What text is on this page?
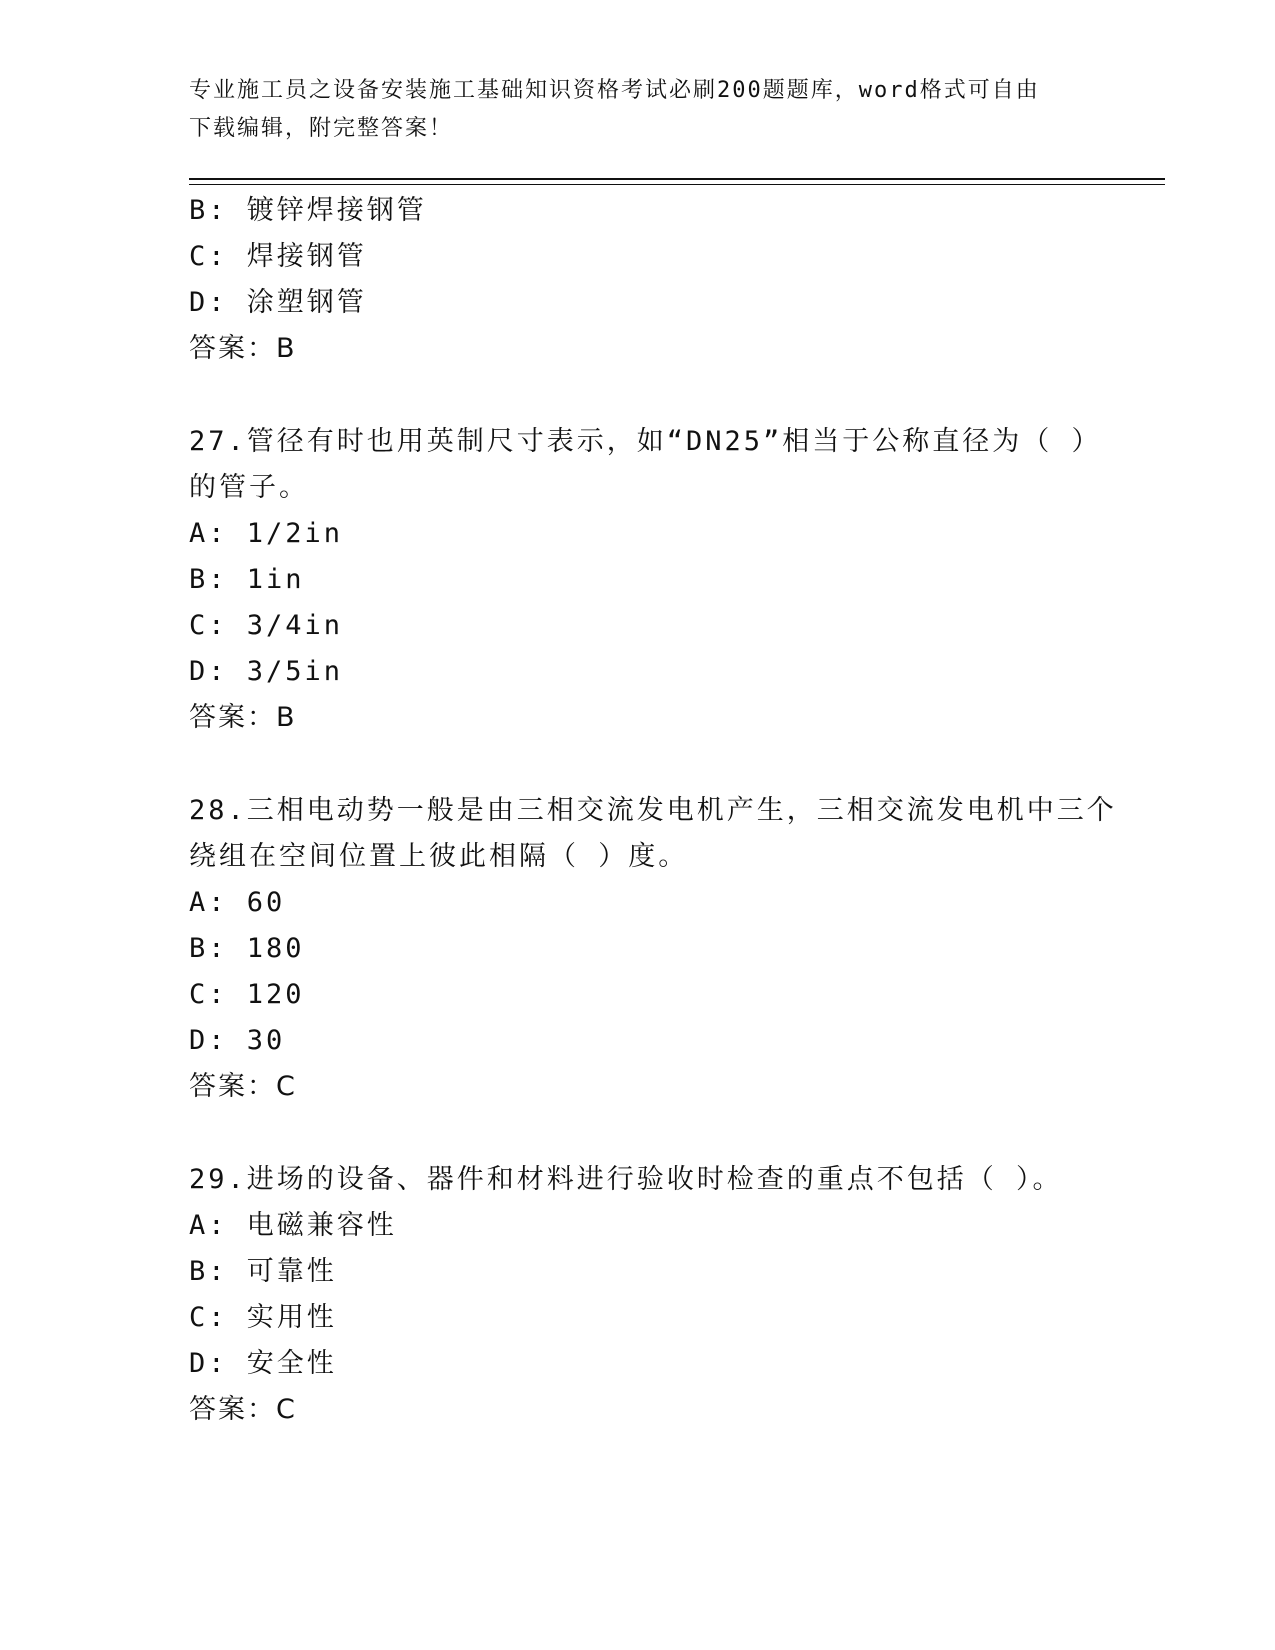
专业施工员之设备安装施工基础知识资格考试必刷200题题库，word格式可自由
下载编辑，附完整答案！
B: 镀锌焊接钢管
C: 焊接钢管
D: 涂塑钢管
答案：B
27.管径有时也用英制尺寸表示，如“DN25”相当于公称直径为（ ）
的管子。
A: 1/2in
B: 1in
C: 3/4in
D: 3/5in
答案：B
28.三相电动势一般是由三相交流发电机产生，三相交流发电机中三个
绕组在空间位置上彼此相隔（ ）度。
A: 60
B: 180
C: 120
D: 30
答案：C
29.进场的设备、器件和材料进行验收时检查的重点不包括（ ）。
A: 电磁兼容性
B: 可靠性
C: 实用性
D: 安全性
答案：C
